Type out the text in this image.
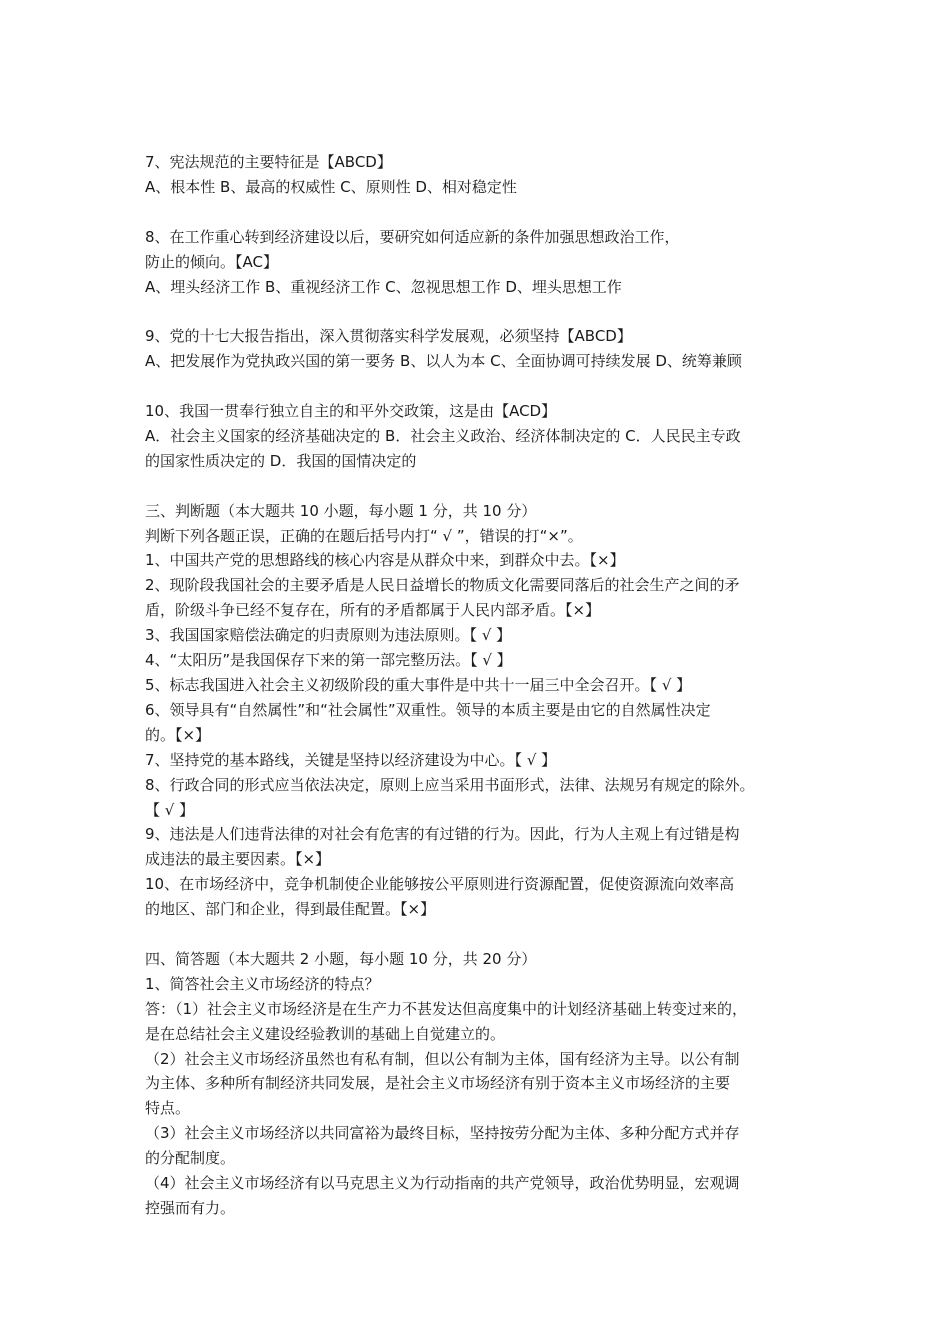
7、宪法规范的主要特征是【ABCD】
A、根本性 B、最高的权威性 C、原则性 D、相对稳定性
8、在工作重心转到经济建设以后，要研究如何适应新的条件加强思想政治工作，
防止的倾向。【AC】
A、埋头经济工作 B、重视经济工作 C、忽视思想工作 D、埋头思想工作
9、党的十七大报告指出，深入贯彻落实科学发展观，必须坚持【ABCD】
A、把发展作为党执政兴国的第一要务 B、以人为本 C、全面协调可持续发展 D、统筹兼顾
10、我国一贯奉行独立自主的和平外交政策，这是由【ACD】
A．社会主义国家的经济基础决定的 B．社会主义政治、经济体制决定的 C．人民民主专政
的国家性质决定的 D．我国的国情决定的
三、判断题（本大题共 10 小题，每小题 1 分，共 10 分）
判断下列各题正误，正确的在题后括号内打“ √ ”，错误的打“×”。
1、中国共产党的思想路线的核心内容是从群众中来，到群众中去。【×】
2、现阶段我国社会的主要矛盾是人民日益增长的物质文化需要同落后的社会生产之间的矛
盾，阶级斗争已经不复存在，所有的矛盾都属于人民内部矛盾。【×】
3、我国国家赔偿法确定的归责原则为违法原则。【 √ 】
4、“太阳历”是我国保存下来的第一部完整历法。【 √ 】
5、标志我国进入社会主义初级阶段的重大事件是中共十一届三中全会召开。【 √ 】
6、领导具有“自然属性”和“社会属性”双重性。领导的本质主要是由它的自然属性决定
的。【×】
7、坚持党的基本路线，关键是坚持以经济建设为中心。【 √ 】
8、行政合同的形式应当依法决定，原则上应当采用书面形式，法律、法规另有规定的除外。
【 √ 】
9、违法是人们违背法律的对社会有危害的有过错的行为。因此，行为人主观上有过错是构
成违法的最主要因素。【×】
10、在市场经济中，竞争机制使企业能够按公平原则进行资源配置，促使资源流向效率高
的地区、部门和企业，得到最佳配置。【×】
四、简答题（本大题共 2 小题，每小题 10 分，共 20 分）
1、简答社会主义市场经济的特点？
答：（1）社会主义市场经济是在生产力不甚发达但高度集中的计划经济基础上转变过来的，
是在总结社会主义建设经验教训的基础上自觉建立的。
（2）社会主义市场经济虽然也有私有制，但以公有制为主体，国有经济为主导。以公有制
为主体、多种所有制经济共同发展，是社会主义市场经济有别于资本主义市场经济的主要
特点。
（3）社会主义市场经济以共同富裕为最终目标，坚持按劳分配为主体、多种分配方式并存
的分配制度。
（4）社会主义市场经济有以马克思主义为行动指南的共产党领导，政治优势明显，宏观调
控强而有力。
